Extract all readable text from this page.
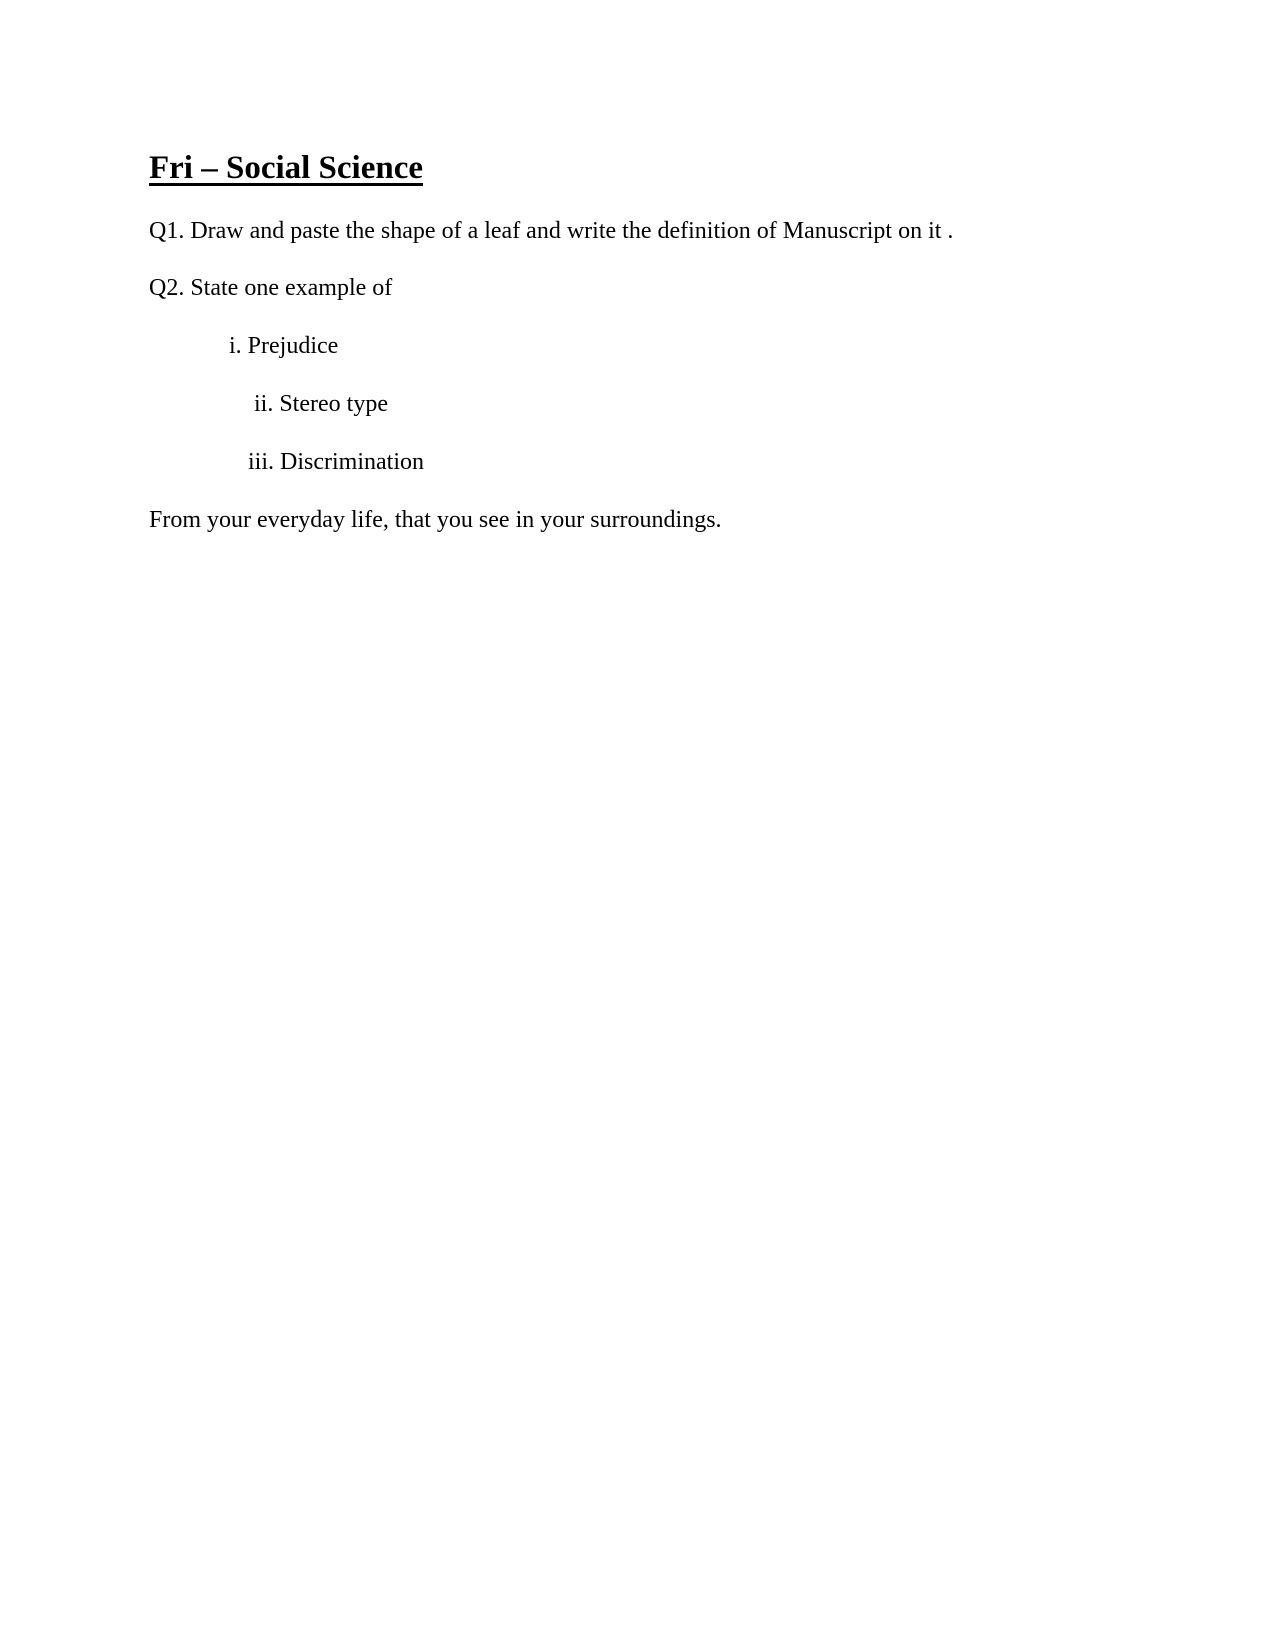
Fri – Social Science
Q1. Draw and paste the shape of a leaf and write the definition of Manuscript on it .
Q2. State one example of
i. Prejudice
ii. Stereo type
iii. Discrimination
From your everyday life, that you see in your surroundings.
